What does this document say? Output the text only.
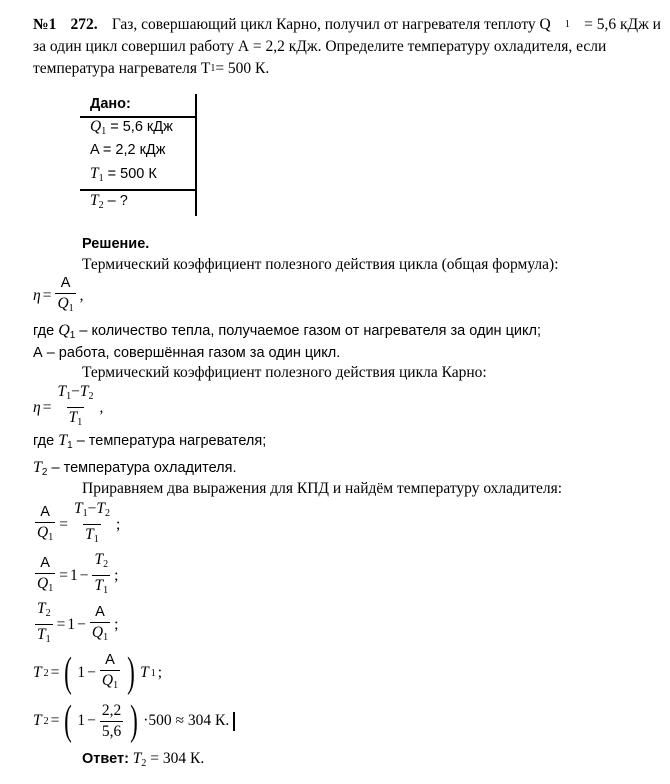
№1 272. Газ, совершающий цикл Карно, получил от нагревателя теплоту Q 1 = 5,6 кДж и
за один цикл совершил работу А = 2,2 кДж. Определите температуру охладителя, если
температура нагревателя T 1 = 500 К.
Дано:
$Q_1 = 5,6$ кДж
A = 2,2 кДж
$T_1 = 500$ К
$T_2$ – ?
Решение.
Термический коэффициент полезного действия цикла (общая формула):
$\eta = \frac{A}{Q_1}$ ,
где $Q_1$ – количество тепла, получаемое газом от нагревателя за один цикл;
А – работа, совершённая газом за один цикл.
Термический коэффициент полезного действия цикла Карно:
$\eta = \frac{T_1-T_2}{T_1}$ ,
где $T_1$ – температура нагревателя;
$T_2$ – температура охладителя.
Приравняем два выражения для КПД и найдём температуру охладителя:
$\frac{A}{Q_1} = \frac{T_1-T_2}{T_1}$ ;
$\frac{A}{Q_1} = 1 - \frac{T_2}{T_1}$ ;
$\frac{T_2}{T_1} = 1 - \frac{A}{Q_1}$ ;
T 2 = ( $1 - \frac{A}{Q_1}$ ) T 1 ;
T 2 = ( $1 - \frac{2,2}{5,6}$ ) ·500 ≈ 304 К.
Ответ: $T_2 = 304$ К.
